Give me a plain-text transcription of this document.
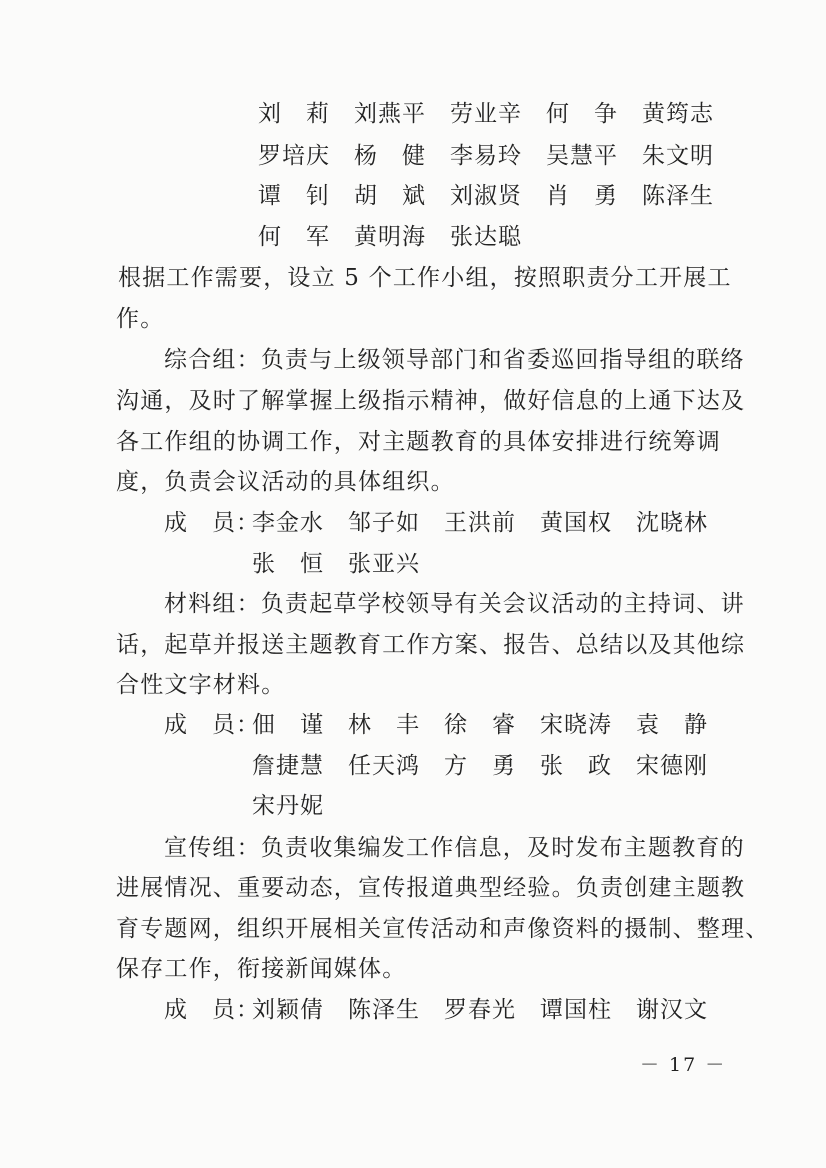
刘　莉　刘燕平　劳业辛　何　争　黄筠志
罗培庆　杨　健　李易玲　吴慧平　朱文明
谭　钊　胡　斌　刘淑贤　肖　勇　陈泽生
何　军　黄明海　张达聪
根据工作需要，设立 5 个工作小组，按照职责分工开展工
作。
综合组：负责与上级领导部门和省委巡回指导组的联络
沟通，及时了解掌握上级指示精神，做好信息的上通下达及
各工作组的协调工作，对主题教育的具体安排进行统筹调
度，负责会议活动的具体组织。
成　员：
李金水　邹子如　王洪前　黄国权　沈晓林
张　恒　张亚兴
材料组：负责起草学校领导有关会议活动的主持词、讲
话，起草并报送主题教育工作方案、报告、总结以及其他综
合性文字材料。
成　员：
佃　谨　林　丰　徐　睿　宋晓涛　袁　静
詹捷慧　任天鸿　方　勇　张　政　宋德刚
宋丹妮
宣传组：负责收集编发工作信息，及时发布主题教育的
进展情况、重要动态，宣传报道典型经验。负责创建主题教
育专题网，组织开展相关宣传活动和声像资料的摄制、整理、
保存工作，衔接新闻媒体。
成　员：
刘颖倩　陈泽生　罗春光　谭国柱　谢汉文
－ 17 －
